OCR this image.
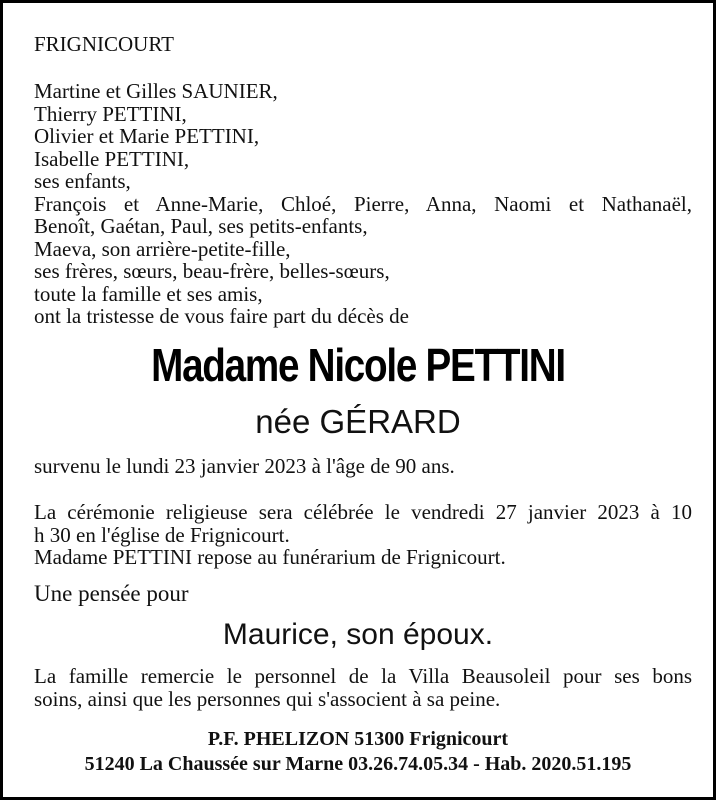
FRIGNICOURT
Martine et Gilles SAUNIER,
Thierry PETTINI,
Olivier et Marie PETTINI,
Isabelle PETTINI,
ses enfants,
François et Anne-Marie, Chloé, Pierre, Anna, Naomi et Nathanaël,
Benoît, Gaétan, Paul, ses petits-enfants,
Maeva, son arrière-petite-fille,
ses frères, sœurs, beau-frère, belles-sœurs,
toute la famille et ses amis,
ont la tristesse de vous faire part du décès de
Madame Nicole PETTINI
née GÉRARD
survenu le lundi 23 janvier 2023 à l'âge de 90 ans.
La cérémonie religieuse sera célébrée le vendredi 27 janvier 2023 à 10
h 30 en l'église de Frignicourt.
Madame PETTINI repose au funérarium de Frignicourt.
Une pensée pour
Maurice, son époux.
La famille remercie le personnel de la Villa Beausoleil pour ses bons
soins, ainsi que les personnes qui s'associent à sa peine.
P.F. PHELIZON 51300 Frignicourt
51240 La Chaussée sur Marne 03.26.74.05.34 - Hab. 2020.51.195
